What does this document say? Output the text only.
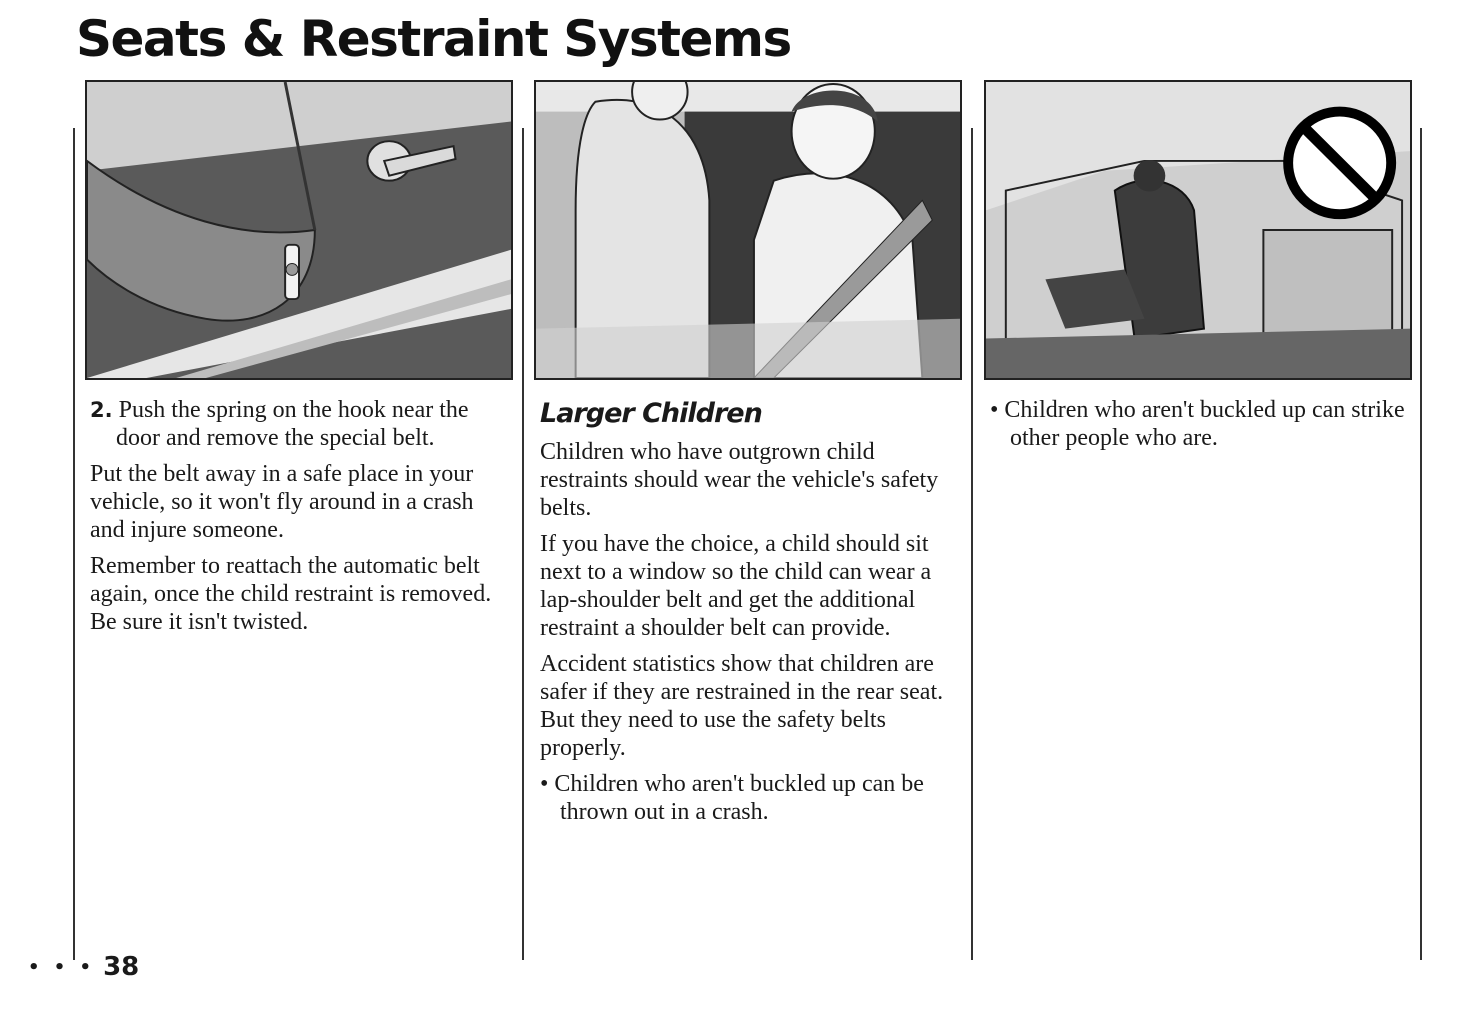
Seats & Restraint Systems

2. Push the spring on the hook near the door and remove the special belt.

Put the belt away in a safe place in your vehicle, so it won't fly around in a crash and injure someone.

Remember to reattach the automatic belt again, once the child restraint is removed. Be sure it isn't twisted.

Larger Children

Children who have outgrown child restraints should wear the vehicle's safety belts.

If you have the choice, a child should sit next to a window so the child can wear a lap-shoulder belt and get the additional restraint a shoulder belt can provide.

Accident statistics show that children are safer if they are restrained in the rear seat. But they need to use the safety belts properly.

• Children who aren't buckled up can be thrown out in a crash.

• Children who aren't buckled up can strike other people who are.

• • • 38
